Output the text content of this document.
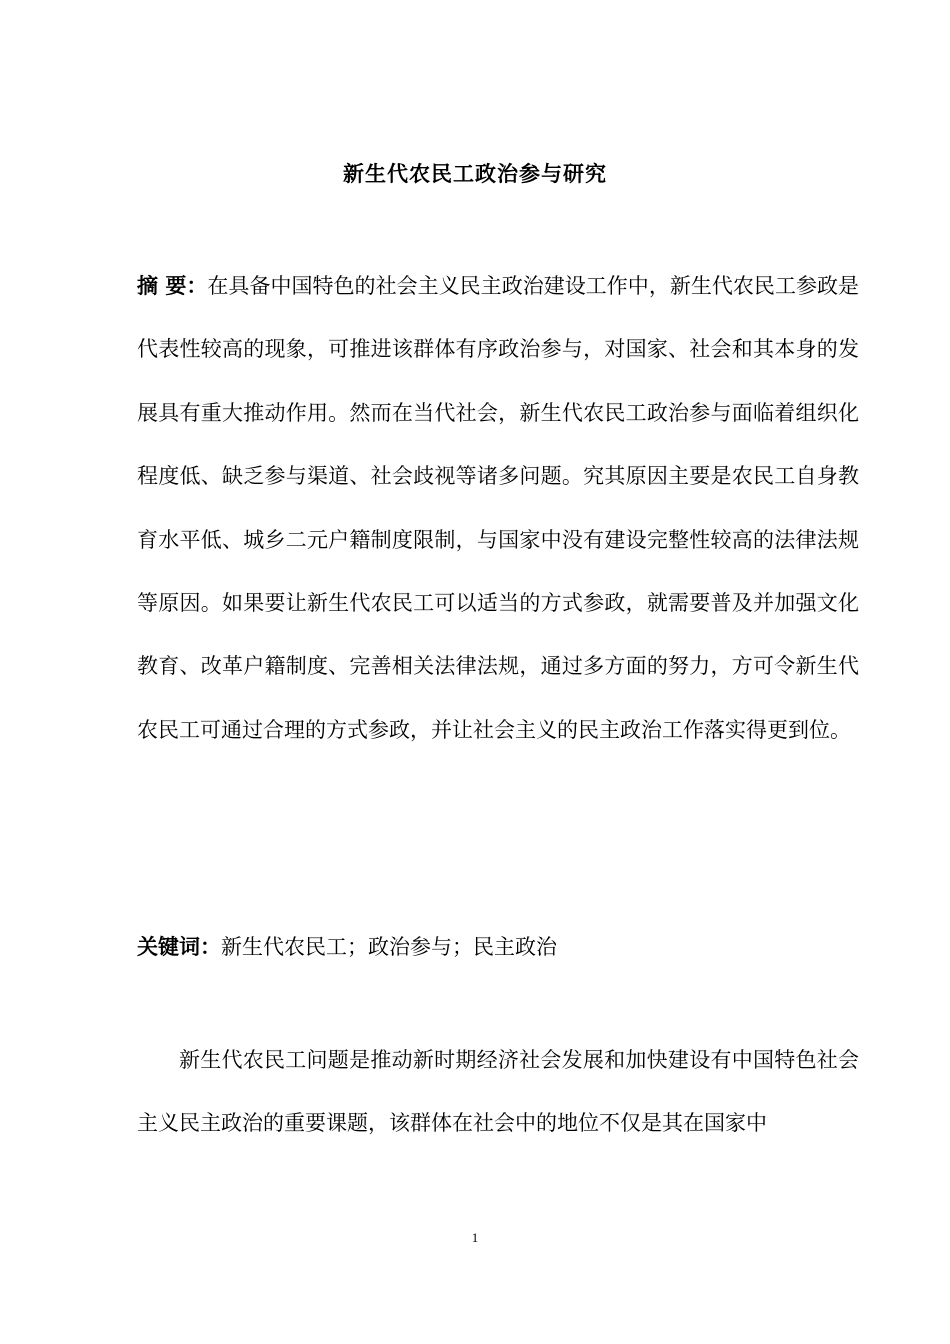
新生代农民工政治参与研究
摘 要：在具备中国特色的社会主义民主政治建设工作中，新生代农民工参政是代表性较高的现象，可推进该群体有序政治参与，对国家、社会和其本身的发展具有重大推动作用。然而在当代社会，新生代农民工政治参与面临着组织化程度低、缺乏参与渠道、社会歧视等诸多问题。究其原因主要是农民工自身教育水平低、城乡二元户籍制度限制，与国家中没有建设完整性较高的法律法规等原因。如果要让新生代农民工可以适当的方式参政，就需要普及并加强文化教育、改革户籍制度、完善相关法律法规，通过多方面的努力，方可令新生代农民工可通过合理的方式参政，并让社会主义的民主政治工作落实得更到位。
关键词：新生代农民工；政治参与；民主政治
新生代农民工问题是推动新时期经济社会发展和加快建设有中国特色社会主义民主政治的重要课题，该群体在社会中的地位不仅是其在国家中
1
